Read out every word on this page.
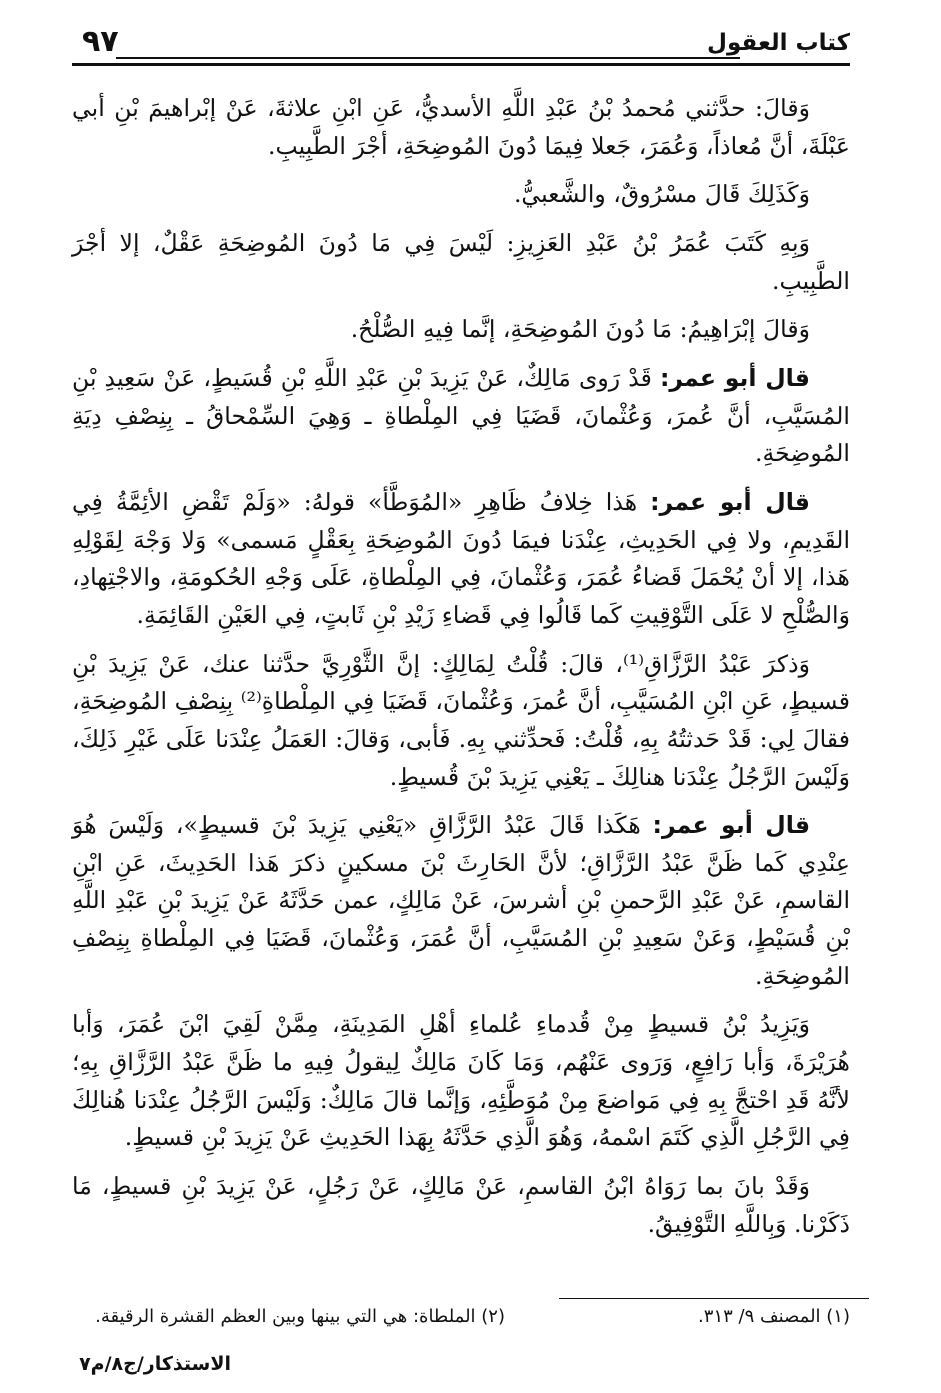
كتاب العقول
٩٧

وَقالَ: حدَّثني مُحمدُ بْنُ عَبْدِ اللَّهِ الأسديُّ، عَنِ ابْنِ علاثةَ، عَنْ إبْراهيمَ بْنِ أبي عَبْلَةَ، أنَّ مُعاذاً، وَعُمَرَ، جَعلا فِيمَا دُونَ المُوضِحَةِ، أجْرَ الطَّبِيبِ.

وَكَذَلِكَ قَالَ مسْرُوقٌ، والشَّعبيُّ.

وَبِهِ كَتَبَ عُمَرُ بْنُ عَبْدِ العَزِيزِ: لَيْسَ فِي مَا دُونَ المُوضِحَةِ عَقْلٌ، إلا أجْرَ الطَّبِيبِ.

وَقالَ إبْرَاهِيمُ: مَا دُونَ المُوضِحَةِ، إنَّما فِيهِ الصُّلْحُ.

قال أبو عمر: قَدْ رَوى مَالِكٌ، عَنْ يَزِيدَ بْنِ عَبْدِ اللَّهِ بْنِ قُسَيطٍ، عَنْ سَعِيدِ بْنِ المُسَيَّبِ، أنَّ عُمرَ، وَعُثْمانَ، قَضَيَا فِي المِلْطاةِ ـ وَهِيَ السِّمْحاقُ ـ بِنِصْفِ دِيَةِ المُوضِحَةِ.

قال أبو عمر: هَذا خِلافُ ظَاهِرِ «المُوَطَّأ» قولهُ: «وَلَمْ تَقْضِ الأئِمَّةُ فِي القَدِيمِ، ولا فِي الحَدِيثِ، عِنْدَنا فيمَا دُونَ المُوضِحَةِ بِعَقْلٍ مَسمى» وَلا وَجْهَ لِقَوْلِهِ هَذا، إلا أنْ يُحْمَلَ قَضاءُ عُمَرَ، وَعُثْمانَ، فِي المِلْطاةِ، عَلَى وَجْهِ الحُكومَةِ، والاجْتِهادِ، وَالصُّلْحِ لا عَلَى التَّوْقِيتِ كَما قَالُوا فِي قَضاءِ زَيْدِ بْنِ ثَابتٍ، فِي العَيْنِ القَائِمَةِ.

وَذكرَ عَبْدُ الرَّزَّاقِ⁽¹⁾، قالَ: قُلْتُ لِمَالِكٍ: إنَّ الثَّوْرِيَّ حدَّثنا عنك، عَنْ يَزِيدَ بْنِ قسيطٍ، عَنِ ابْنِ المُسَيَّبِ، أنَّ عُمرَ، وَعُثْمانَ، قَضَيَا فِي المِلْطاةِ⁽²⁾ بِنِصْفِ المُوضِحَةِ، فقالَ لِي: قَدْ حَدثتُهُ بِهِ، قُلْتُ: فَحدِّثني بِهِ. فَأبى، وَقالَ: العَمَلُ عِنْدَنا عَلَى غَيْرِ ذَلِكَ، وَلَيْسَ الرَّجُلُ عِنْدَنا هنالِكَ ـ يَعْنِي يَزِيدَ بْنَ قُسيطٍ.

قال أبو عمر: هَكَذا قَالَ عَبْدُ الرَّزَّاقِ «يَعْنِي يَزِيدَ بْنَ قسيطٍ»، وَلَيْسَ هُوَ عِنْدِي كَما ظَنَّ عَبْدُ الرَّزَّاقِ؛ لأنَّ الحَارِثَ بْنَ مسكينٍ ذكرَ هَذا الحَدِيثَ، عَنِ ابْنِ القاسمِ، عَنْ عَبْدِ الرَّحمنِ بْنِ أشرسَ، عَنْ مَالِكٍ، عمن حَدَّثَهُ عَنْ يَزِيدَ بْنِ عَبْدِ اللَّهِ بْنِ قُسَيْطٍ، وَعَنْ سَعِيدِ بْنِ المُسَيَّبِ، أنَّ عُمَرَ، وَعُثْمانَ، قَضَيَا فِي المِلْطاةِ بِنِصْفِ المُوضِحَةِ.

وَيَزِيدُ بْنُ قسيطٍ مِنْ قُدماءِ عُلماءِ أهْلِ المَدِينَةِ، مِمَّنْ لَقِيَ ابْنَ عُمَرَ، وَأبا هُرَيْرَةَ، وَأبا رَافِعٍ، وَرَوى عَنْهُم، وَمَا كَانَ مَالِكٌ لِيقولُ فِيهِ ما ظَنَّ عَبْدُ الرَّزَّاقِ بِهِ؛ لأنَّهُ قَدِ احْتجَّ بِهِ فِي مَواضعَ مِنْ مُوَطَّئِهِ، وَإنَّما قالَ مَالِكٌ: وَلَيْسَ الرَّجُلُ عِنْدَنا هُنالِكَ فِي الرَّجُلِ الَّذِي كَتَمَ اسْمهُ، وَهُوَ الَّذِي حَدَّثَهُ بِهَذا الحَدِيثِ عَنْ يَزِيدَ بْنِ قسيطٍ.

وَقَدْ بانَ بما رَوَاهُ ابْنُ القاسمِ، عَنْ مَالِكٍ، عَنْ رَجُلٍ، عَنْ يَزِيدَ بْنِ قسيطٍ، مَا ذَكَرْنا. وَبِاللَّهِ التَّوْفِيقُ.

(١) المصنف ٩/ ٣١٣.
(٢) الملطاة: هي التي بينها وبين العظم القشرة الرقيقة.
الاستذكار/ج٨/م٧
